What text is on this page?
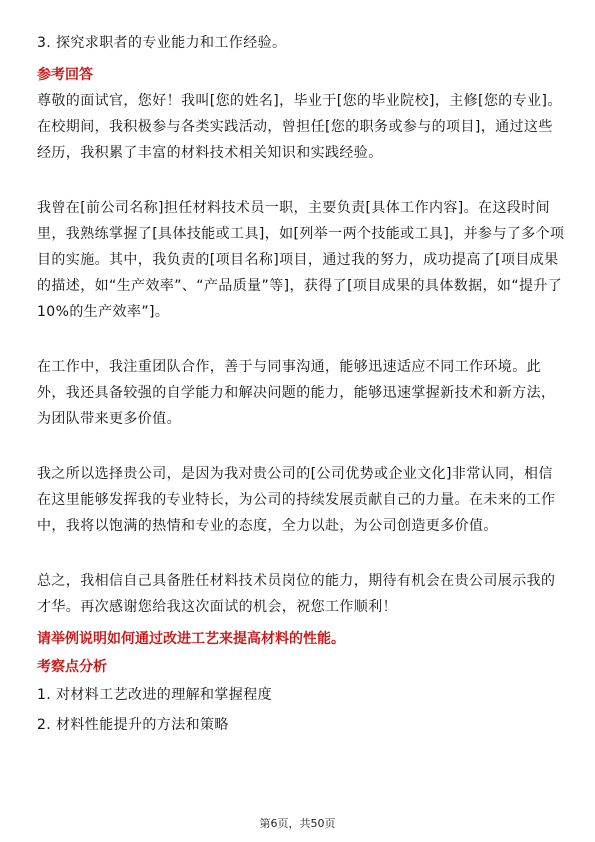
3. 探究求职者的专业能力和工作经验。
参考回答
尊敬的面试官，您好！我叫[您的姓名]，毕业于[您的毕业院校]，主修[您的专业]。
在校期间，我积极参与各类实践活动，曾担任[您的职务或参与的项目]，通过这些
经历，我积累了丰富的材料技术相关知识和实践经验。
我曾在[前公司名称]担任材料技术员一职，主要负责[具体工作内容]。在这段时间
里，我熟练掌握了[具体技能或工具]，如[列举一两个技能或工具]，并参与了多个项
目的实施。其中，我负责的[项目名称]项目，通过我的努力，成功提高了[项目成果
的描述，如“生产效率”、“产品质量”等]，获得了[项目成果的具体数据，如“提升了
10%的生产效率”]。
在工作中，我注重团队合作，善于与同事沟通，能够迅速适应不同工作环境。此
外，我还具备较强的自学能力和解决问题的能力，能够迅速掌握新技术和新方法，
为团队带来更多价值。
我之所以选择贵公司，是因为我对贵公司的[公司优势或企业文化]非常认同，相信
在这里能够发挥我的专业特长，为公司的持续发展贡献自己的力量。在未来的工作
中，我将以饱满的热情和专业的态度，全力以赴，为公司创造更多价值。
总之，我相信自己具备胜任材料技术员岗位的能力，期待有机会在贵公司展示我的
才华。再次感谢您给我这次面试的机会，祝您工作顺利！
请举例说明如何通过改进工艺来提高材料的性能。
考察点分析
1. 对材料工艺改进的理解和掌握程度
2. 材料性能提升的方法和策略
第6页，共50页
